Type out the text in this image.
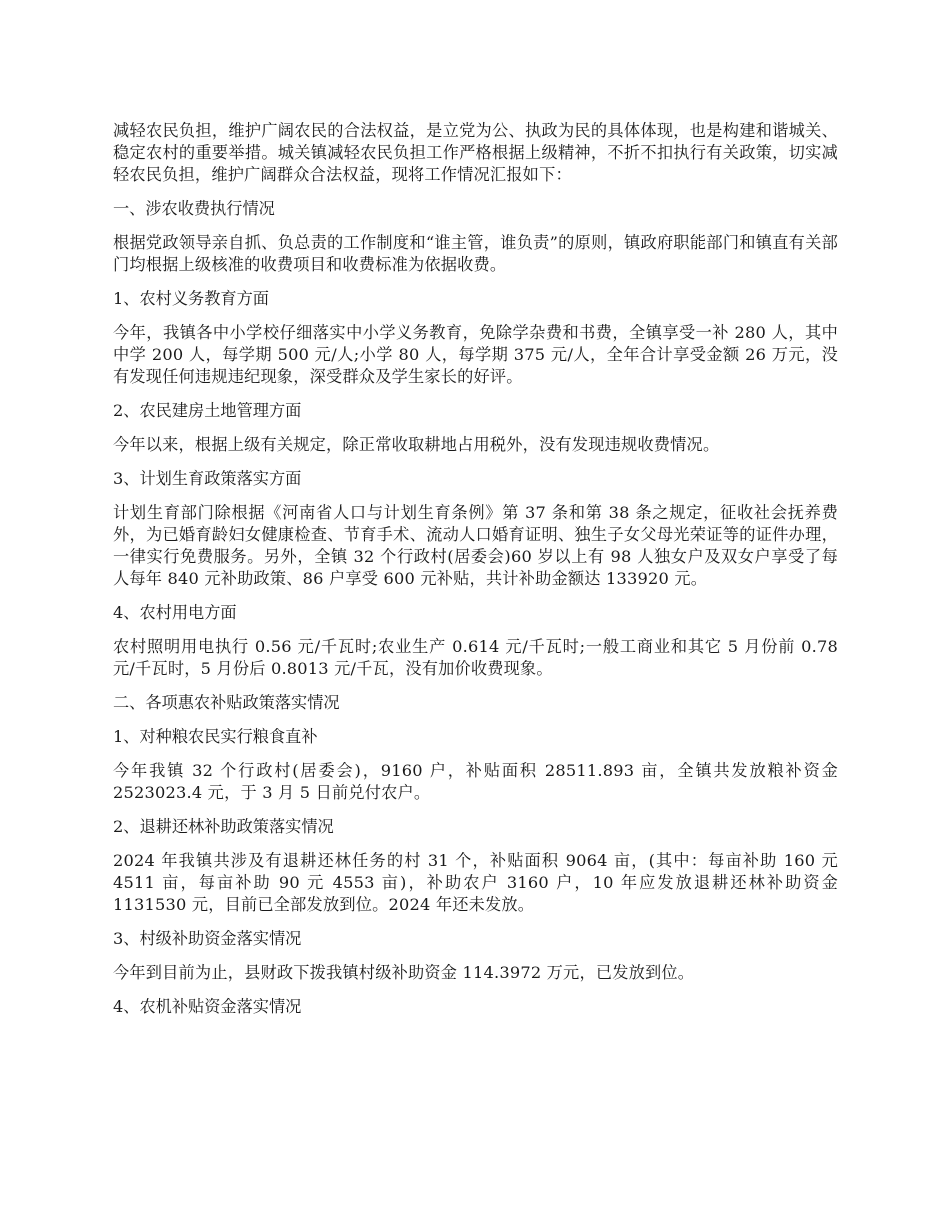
减轻农民负担，维护广阔农民的合法权益，是立党为公、执政为民的具体体现，也是构建和谐城关、稳定农村的重要举措。城关镇减轻农民负担工作严格根据上级精神，不折不扣执行有关政策，切实减轻农民负担，维护广阔群众合法权益，现将工作情况汇报如下：

一、涉农收费执行情况

根据党政领导亲自抓、负总责的工作制度和“谁主管，谁负责”的原则，镇政府职能部门和镇直有关部门均根据上级核准的收费项目和收费标准为依据收费。

1、农村义务教育方面

今年，我镇各中小学校仔细落实中小学义务教育，免除学杂费和书费，全镇享受一补 280 人，其中中学 200 人，每学期 500 元/人;小学 80 人，每学期 375 元/人，全年合计享受金额 26 万元，没有发现任何违规违纪现象，深受群众及学生家长的好评。

2、农民建房土地管理方面

今年以来，根据上级有关规定，除正常收取耕地占用税外，没有发现违规收费情况。

3、计划生育政策落实方面

计划生育部门除根据《河南省人口与计划生育条例》第 37 条和第 38 条之规定，征收社会抚养费外，为已婚育龄妇女健康检查、节育手术、流动人口婚育证明、独生子女父母光荣证等的证件办理，一律实行免费服务。另外，全镇 32 个行政村(居委会)60 岁以上有 98 人独女户及双女户享受了每人每年 840 元补助政策、86 户享受 600 元补贴，共计补助金额达 133920 元。

4、农村用电方面

农村照明用电执行 0.56 元/千瓦时;农业生产 0.614 元/千瓦时;一般工商业和其它 5 月份前 0.78 元/千瓦时，5 月份后 0.8013 元/千瓦，没有加价收费现象。

二、各项惠农补贴政策落实情况

1、对种粮农民实行粮食直补

今年我镇 32 个行政村(居委会)，9160 户，补贴面积 28511.893 亩，全镇共发放粮补资金 2523023.4 元，于 3 月 5 日前兑付农户。

2、退耕还林补助政策落实情况

2024 年我镇共涉及有退耕还林任务的村 31 个，补贴面积 9064 亩，(其中：每亩补助 160 元 4511 亩，每亩补助 90 元 4553 亩)，补助农户 3160 户，10 年应发放退耕还林补助资金 1131530 元，目前已全部发放到位。2024 年还未发放。

3、村级补助资金落实情况

今年到目前为止，县财政下拨我镇村级补助资金 114.3972 万元，已发放到位。

4、农机补贴资金落实情况
